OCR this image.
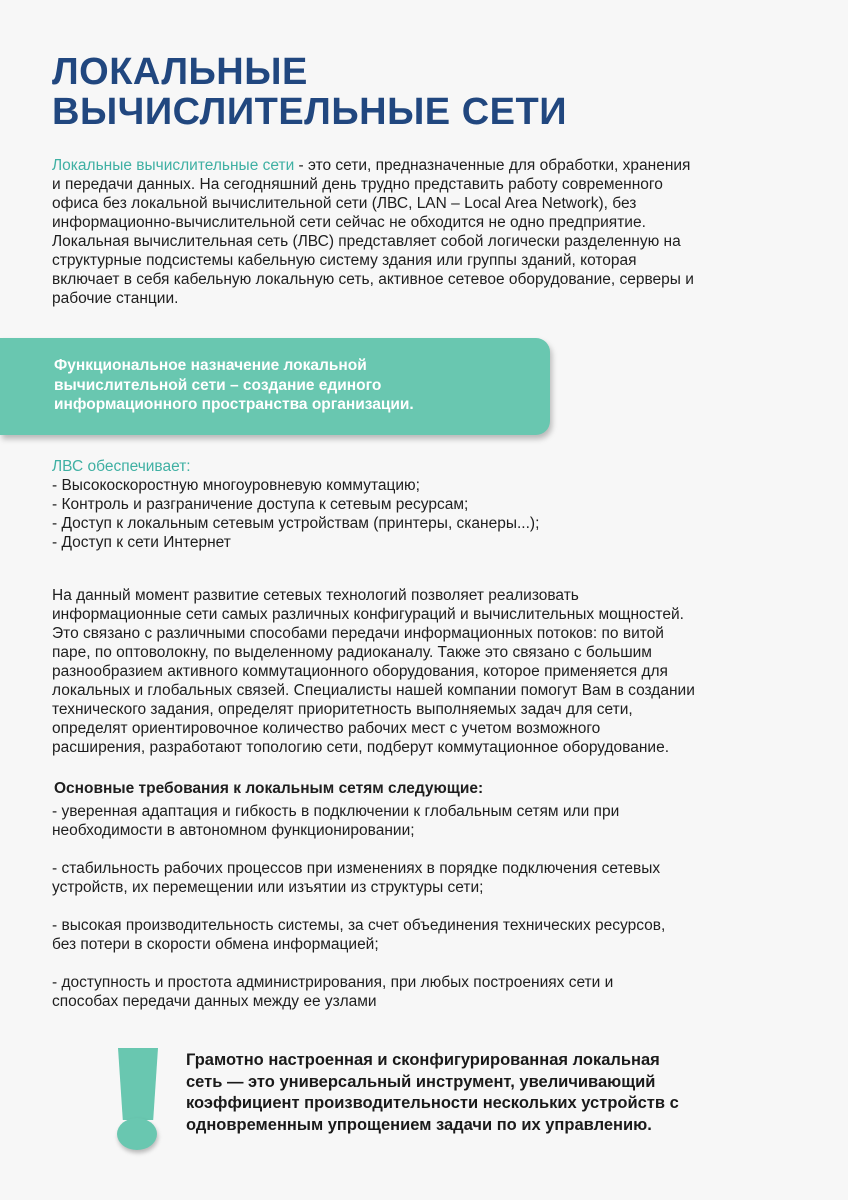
ЛОКАЛЬНЫЕ
ВЫЧИСЛИТЕЛЬНЫЕ СЕТИ
Локальные вычислительные сети - это сети, предназначенные для обработки, хранения
и передачи данных. На сегодняшний день трудно представить работу современного
офиса без локальной вычислительной сети (ЛВС, LAN – Local Area Network), без
информационно-вычислительной сети сейчас не обходится не одно предприятие.
Локальная вычислительная сеть (ЛВС) представляет собой логически разделенную на
структурные подсистемы кабельную систему здания или группы зданий, которая
включает в себя кабельную локальную сеть, активное сетевое оборудование, серверы и
рабочие станции.
Функциональное назначение локальной
вычислительной сети – создание единого
информационного пространства организации.
ЛВС обеспечивает:
- Высокоскоростную многоуровневую коммутацию;
- Контроль и разграничение доступа к сетевым ресурсам;
- Доступ к локальным сетевым устройствам (принтеры, сканеры...);
- Доступ к сети Интернет
На данный момент развитие сетевых технологий позволяет реализовать
информационные сети самых различных конфигураций и вычислительных мощностей.
Это связано с различными способами передачи информационных потоков: по витой
паре, по оптоволокну, по выделенному радиоканалу. Также это связано с большим
разнообразием активного коммутационного оборудования, которое применяется для
локальных и глобальных связей. Специалисты нашей компании помогут Вам в создании
технического задания, определят приоритетность выполняемых задач для сети,
определят ориентировочное количество рабочих мест с учетом возможного
расширения, разработают топологию сети, подберут коммутационное оборудование.
Основные требования к локальным сетям следующие:
- уверенная адаптация и гибкость в подключении к глобальным сетям или при
необходимости в автономном функционировании;
- стабильность рабочих процессов при изменениях в порядке подключения сетевых
устройств, их перемещении или изъятии из структуры сети;
- высокая производительность системы, за счет объединения технических ресурсов,
без потери в скорости обмена информацией;
- доступность и простота администрирования, при любых построениях сети и
способах передачи данных между ее узлами
Грамотно настроенная и сконфигурированная локальная
сеть — это универсальный инструмент, увеличивающий
коэффициент производительности нескольких устройств с
одновременным упрощением задачи по их управлению.
